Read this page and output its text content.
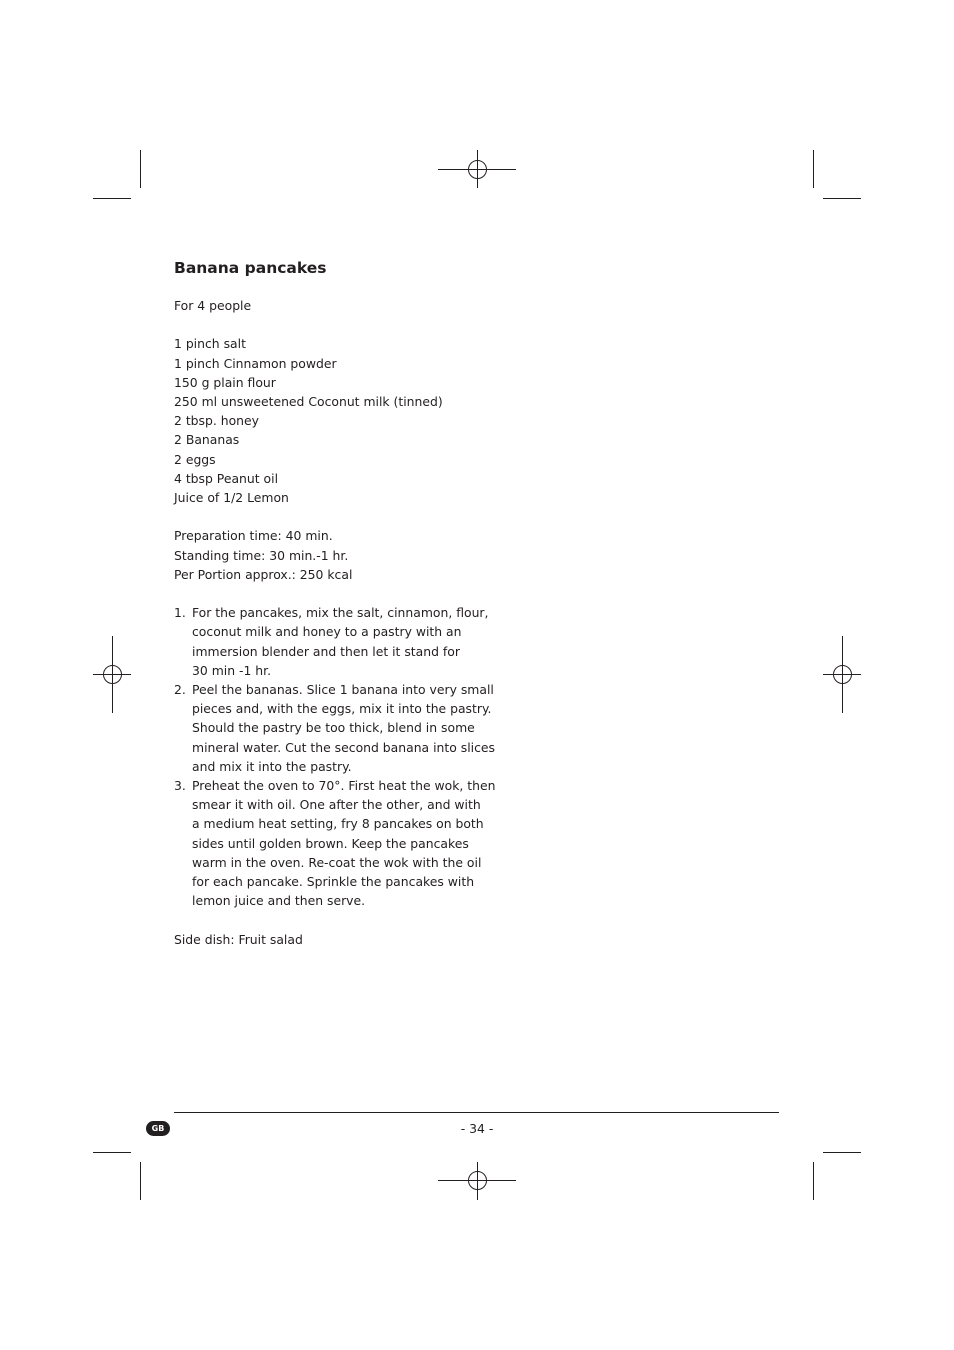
Banana pancakes

For 4 people

1 pinch salt

1 pinch Cinnamon powder

150 g plain flour

250 ml unsweetened Coconut milk (tinned)

2 tbsp. honey

2 Bananas

2 eggs

4 tbsp Peanut oil

Juice of 1/2 Lemon

Preparation time: 40 min.

Standing time: 30 min.-1 hr.

Per Portion approx.: 250 kcal

1. For the pancakes, mix the salt, cinnamon, flour,
coconut milk and honey to a pastry with an
immersion blender and then let it stand for
30 min -1 hr.
2. Peel the bananas. Slice 1 banana into very small
pieces and, with the eggs, mix it into the pastry.
Should the pastry be too thick, blend in some
mineral water. Cut the second banana into slices
and mix it into the pastry.
3. Preheat the oven to 70°. First heat the wok, then
smear it with oil. One after the other, and with
a medium heat setting, fry 8 pancakes on both
sides until golden brown. Keep the pancakes
warm in the oven. Re-coat the wok with the oil
for each pancake. Sprinkle the pancakes with
lemon juice and then serve.

Side dish: Fruit salad

GB	- 34 -
